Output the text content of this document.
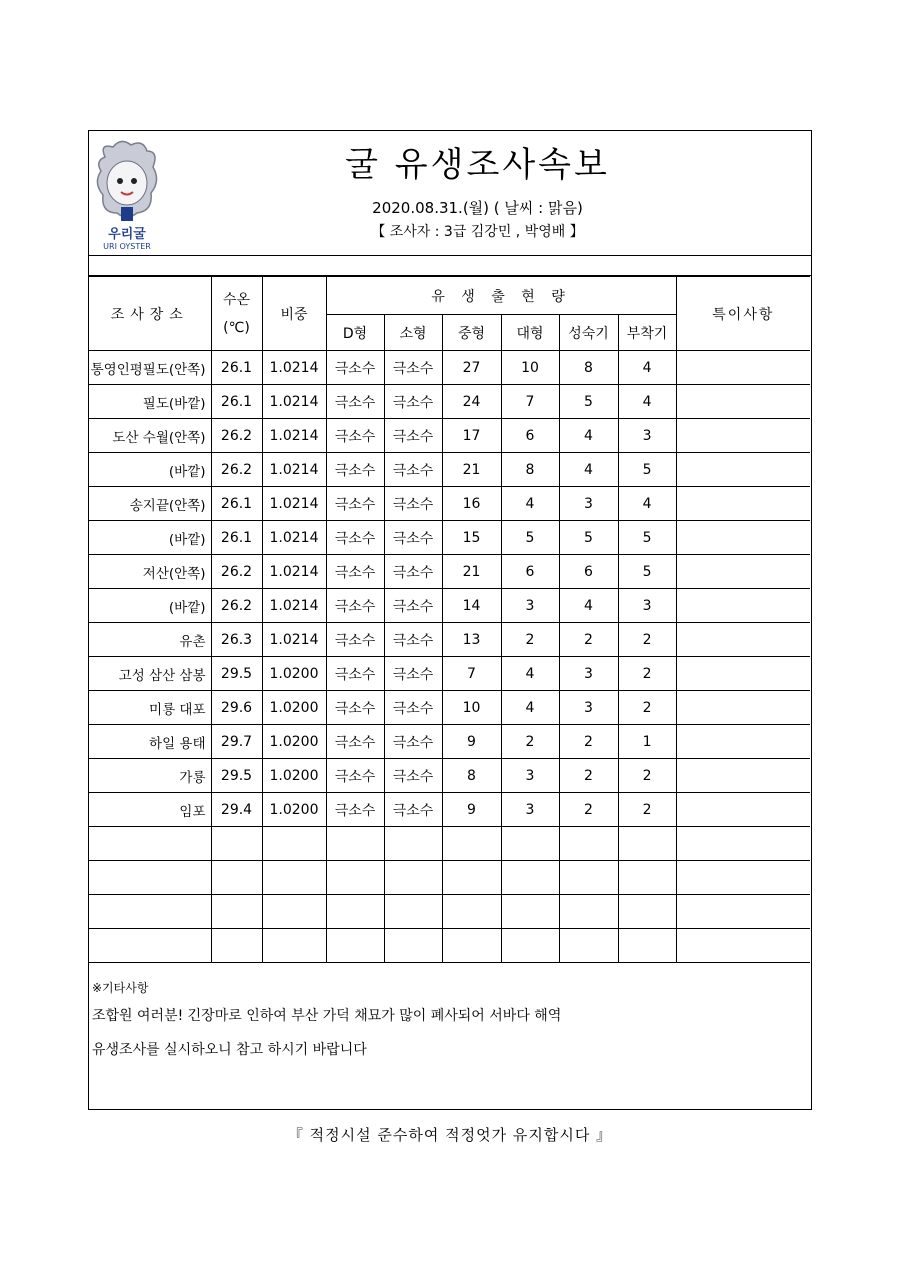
우리굴
URI OYSTER
굴 유생조사속보
2020.08.31.(월) ( 날씨 : 맑음)
【 조사자 : 3급 김강민 , 박영배 】
조사장소	수온(℃)	비중	유 생 출 현 량						특이사항
			D형	소형	중형	대형	성숙기	부착기	
통영인평필도(안쪽)	26.1	1.0214	극소수	극소수	27	10	8	4	
필도(바깥)	26.1	1.0214	극소수	극소수	24	7	5	4	
도산 수월(안쪽)	26.2	1.0214	극소수	극소수	17	6	4	3	
(바깥)	26.2	1.0214	극소수	극소수	21	8	4	5	
송지끝(안쪽)	26.1	1.0214	극소수	극소수	16	4	3	4	
(바깥)	26.1	1.0214	극소수	극소수	15	5	5	5	
저산(안쪽)	26.2	1.0214	극소수	극소수	21	6	6	5	
(바깥)	26.2	1.0214	극소수	극소수	14	3	4	3	
유촌	26.3	1.0214	극소수	극소수	13	2	2	2	
고성 삼산 삼봉	29.5	1.0200	극소수	극소수	7	4	3	2	
미룡 대포	29.6	1.0200	극소수	극소수	10	4	3	2	
하일 용태	29.7	1.0200	극소수	극소수	9	2	2	1	
가룡	29.5	1.0200	극소수	극소수	8	3	2	2	
임포	29.4	1.0200	극소수	극소수	9	3	2	2	

※기타사항
조합원 여러분! 긴장마로 인하여 부산 가덕 채묘가 많이 폐사되어 서바다 해역
유생조사를 실시하오니 참고 하시기 바랍니다
『 적정시설 준수하여 적정엇가 유지합시다 』
